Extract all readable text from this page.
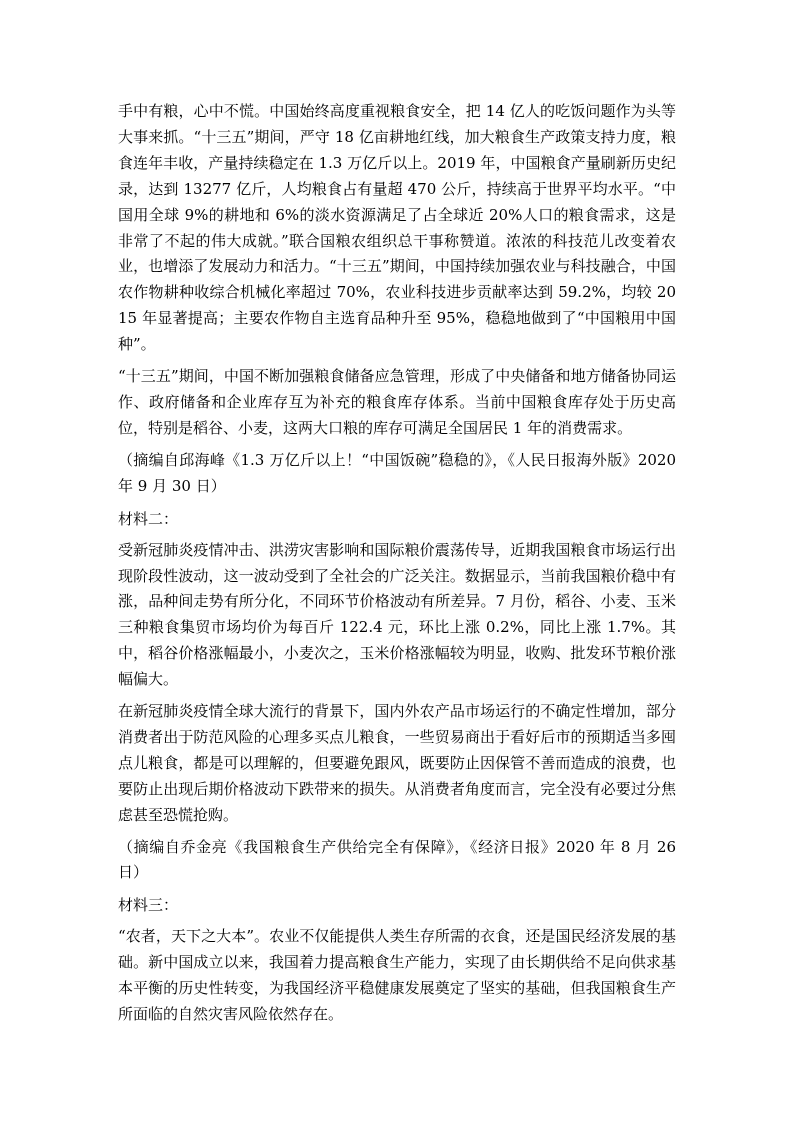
手中有粮，心中不慌。中国始终高度重视粮食安全，把 14 亿人的吃饭问题作为头等大事来抓。“十三五”期间，严守 18 亿亩耕地红线，加大粮食生产政策支持力度，粮食连年丰收，产量持续稳定在 1.3 万亿斤以上。2019 年，中国粮食产量刷新历史纪录，达到 13277 亿斤，人均粮食占有量超 470 公斤，持续高于世界平均水平。“中国用全球 9%的耕地和 6%的淡水资源满足了占全球近 20%人口的粮食需求，这是非常了不起的伟大成就。”联合国粮农组织总干事称赞道。浓浓的科技范儿改变着农业，也增添了发展动力和活力。“十三五”期间，中国持续加强农业与科技融合，中国农作物耕种收综合机械化率超过 70%，农业科技进步贡献率达到 59.2%，均较 2015 年显著提高；主要农作物自主选育品种升至 95%，稳稳地做到了“中国粮用中国种”。

“十三五”期间，中国不断加强粮食储备应急管理，形成了中央储备和地方储备协同运作、政府储备和企业库存互为补充的粮食库存体系。当前中国粮食库存处于历史高位，特别是稻谷、小麦，这两大口粮的库存可满足全国居民 1 年的消费需求。

（摘编自邱海峰《1.3 万亿斤以上！“中国饭碗”稳稳的》，《人民日报海外版》2020 年 9 月 30 日）

材料二：

受新冠肺炎疫情冲击、洪涝灾害影响和国际粮价震荡传导，近期我国粮食市场运行出现阶段性波动，这一波动受到了全社会的广泛关注。数据显示，当前我国粮价稳中有涨，品种间走势有所分化，不同环节价格波动有所差异。7 月份，稻谷、小麦、玉米三种粮食集贸市场均价为每百斤 122.4 元，环比上涨 0.2%，同比上涨 1.7%。其中，稻谷价格涨幅最小，小麦次之，玉米价格涨幅较为明显，收购、批发环节粮价涨幅偏大。

在新冠肺炎疫情全球大流行的背景下，国内外农产品市场运行的不确定性增加，部分消费者出于防范风险的心理多买点儿粮食，一些贸易商出于看好后市的预期适当多囤点儿粮食，都是可以理解的，但要避免跟风，既要防止因保管不善而造成的浪费，也要防止出现后期价格波动下跌带来的损失。从消费者角度而言，完全没有必要过分焦虑甚至恐慌抢购。

（摘编自乔金亮《我国粮食生产供给完全有保障》，《经济日报》2020 年 8 月 26 日）

材料三：

“农者，天下之大本”。农业不仅能提供人类生存所需的衣食，还是国民经济发展的基础。新中国成立以来，我国着力提高粮食生产能力，实现了由长期供给不足向供求基本平衡的历史性转变，为我国经济平稳健康发展奠定了坚实的基础，但我国粮食生产所面临的自然灾害风险依然存在。
